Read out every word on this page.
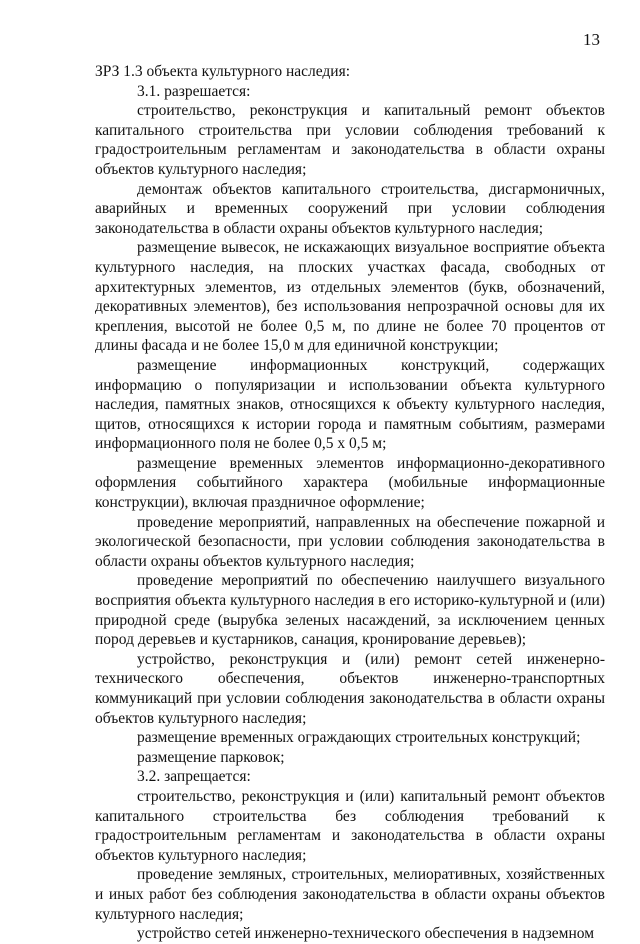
13

ЗРЗ 1.3 объекта культурного наследия:

3.1. разрешается:

строительство, реконструкция и капитальный ремонт объектов капитального строительства при условии соблюдения требований к градостроительным регламентам и законодательства в области охраны объектов культурного наследия;

демонтаж объектов капитального строительства, дисгармоничных, аварийных и временных сооружений при условии соблюдения законодательства в области охраны объектов культурного наследия;

размещение вывесок, не искажающих визуальное восприятие объекта культурного наследия, на плоских участках фасада, свободных от архитектурных элементов, из отдельных элементов (букв, обозначений, декоративных элементов), без использования непрозрачной основы для их крепления, высотой не более 0,5 м, по длине не более 70 процентов от длины фасада и не более 15,0 м для единичной конструкции;

размещение информационных конструкций, содержащих информацию о популяризации и использовании объекта культурного наследия, памятных знаков, относящихся к объекту культурного наследия, щитов, относящихся к истории города и памятным событиям, размерами информационного поля не более 0,5 х 0,5 м;

размещение временных элементов информационно-декоративного оформления событийного характера (мобильные информационные конструкции), включая праздничное оформление;

проведение мероприятий, направленных на обеспечение пожарной и экологической безопасности, при условии соблюдения законодательства в области охраны объектов культурного наследия;

проведение мероприятий по обеспечению наилучшего визуального восприятия объекта культурного наследия в его историко-культурной и (или) природной среде (вырубка зеленых насаждений, за исключением ценных пород деревьев и кустарников, санация, кронирование деревьев);

устройство, реконструкция и (или) ремонт сетей инженерно-технического обеспечения, объектов инженерно-транспортных коммуникаций при условии соблюдения законодательства в области охраны объектов культурного наследия;

размещение временных ограждающих строительных конструкций;

размещение парковок;

3.2. запрещается:

строительство, реконструкция и (или) капитальный ремонт объектов капитального строительства без соблюдения требований к градостроительным регламентам и законодательства в области охраны объектов культурного наследия;

проведение земляных, строительных, мелиоративных, хозяйственных и иных работ без соблюдения законодательства в области охраны объектов культурного наследия;

устройство сетей инженерно-технического обеспечения в надземном
